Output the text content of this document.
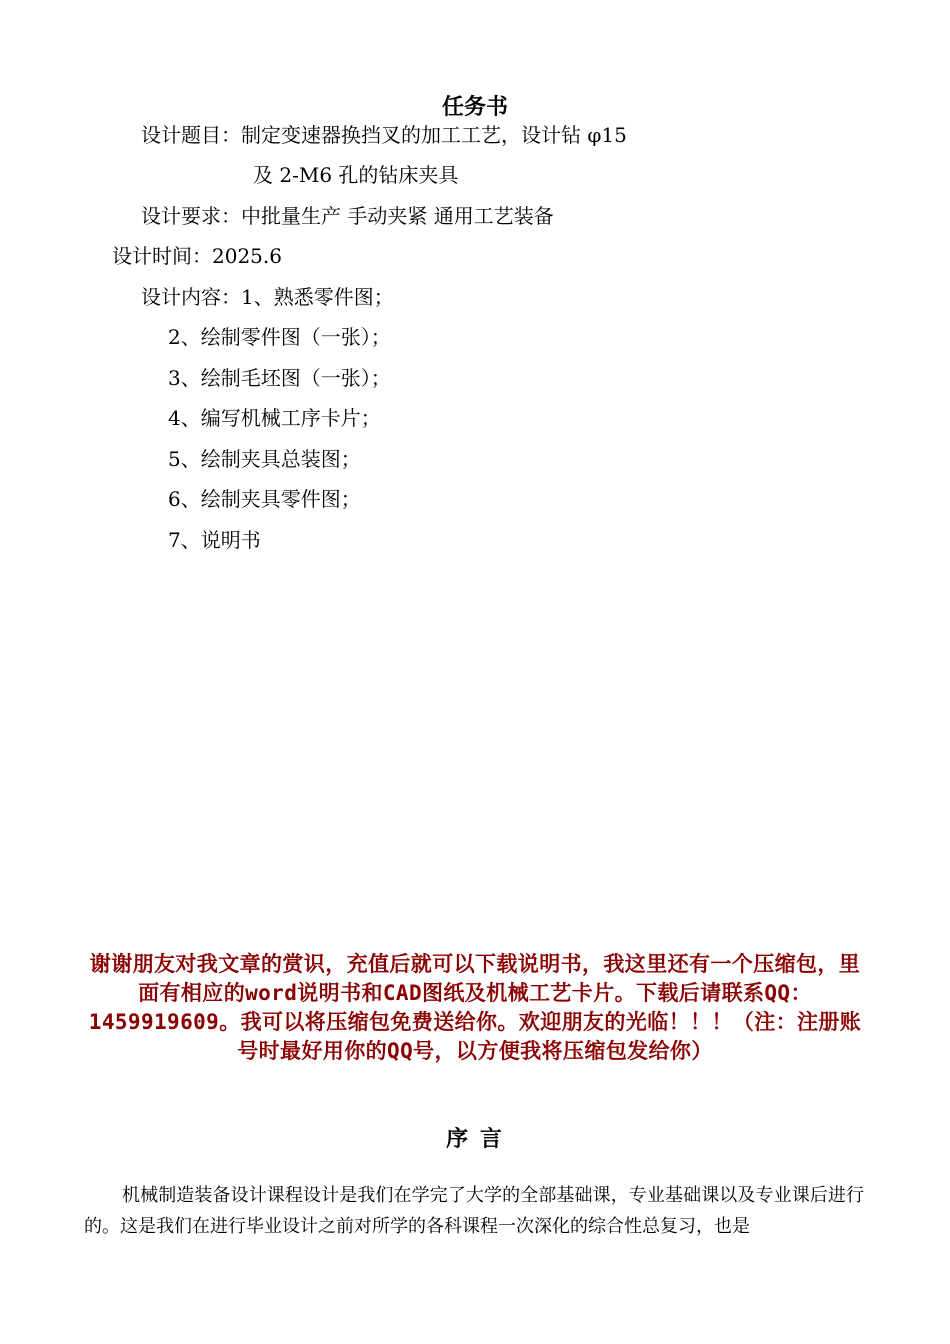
任务书
设计题目：制定变速器换挡叉的加工工艺，设计钻 φ15
及 2-M6 孔的钻床夹具
设计要求：中批量生产 手动夹紧 通用工艺装备
设计时间：2025.6
设计内容：1、熟悉零件图；
2、绘制零件图（一张）；
3、绘制毛坯图（一张）；
4、编写机械工序卡片；
5、绘制夹具总装图；
6、绘制夹具零件图；
7、说明书
谢谢朋友对我文章的赏识，充值后就可以下载说明书，我这里还有一个压缩包，里面有相应的word说明书和CAD图纸及机械工艺卡片。下载后请联系QQ：1459919609。我可以将压缩包免费送给你。欢迎朋友的光临！！！（注：注册账号时最好用你的QQ号，以方便我将压缩包发给你）
序 言
机械制造装备设计课程设计是我们在学完了大学的全部基础课，专业基础课以及专业课后进行的。这是我们在进行毕业设计之前对所学的各科课程一次深化的综合性总复习，也是
